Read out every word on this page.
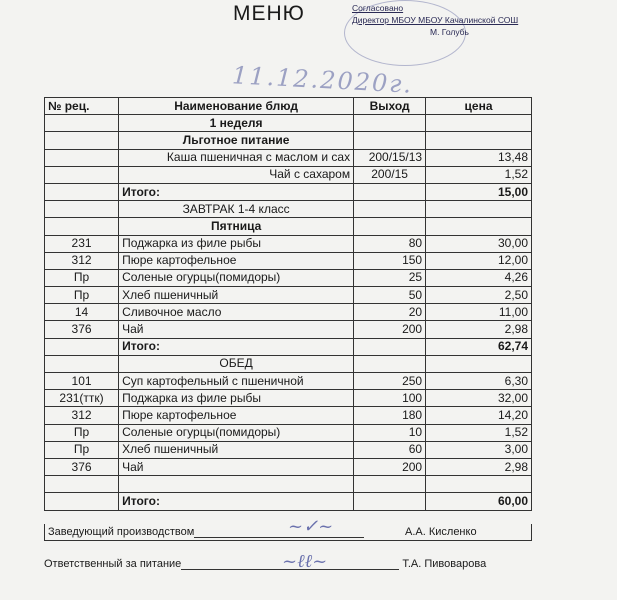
МЕНЮ	Согласовано
Директор МБОУ МБОУ Качалинской СОШ
М. Голубь
11.12.2020г.
№ рец.	Наименование блюд	Выход	цена
	1 неделя		
	Льготное питание		
	Каша пшеничная с маслом и сах	200/15/13	13,48
	Чай с сахаром	200/15	1,52
	Итого:		15,00
	ЗАВТРАК 1-4 класс		
	Пятница		
231	Поджарка из филе рыбы	80	30,00
312	Пюре картофельное	150	12,00
Пр	Соленые огурцы(помидоры)	25	4,26
Пр	Хлеб пшеничный	50	2,50
14	Сливочное масло	20	11,00
376	Чай	200	2,98
	Итого:		62,74
	ОБЕД		
101	Суп картофельный с пшеничной	250	6,30
231(ттк)	Поджарка из филе рыбы	100	32,00
312	Пюре картофельное	180	14,20
Пр	Соленые огурцы(помидоры)	10	1,52
Пр	Хлеб пшеничный	60	3,00
376	Чай	200	2,98

	Итого:		60,00
Заведующий производством	А.А. Кисленко
~✓~
Ответственный за питание	Т.А. Пивоварова
~ℓℓ~
